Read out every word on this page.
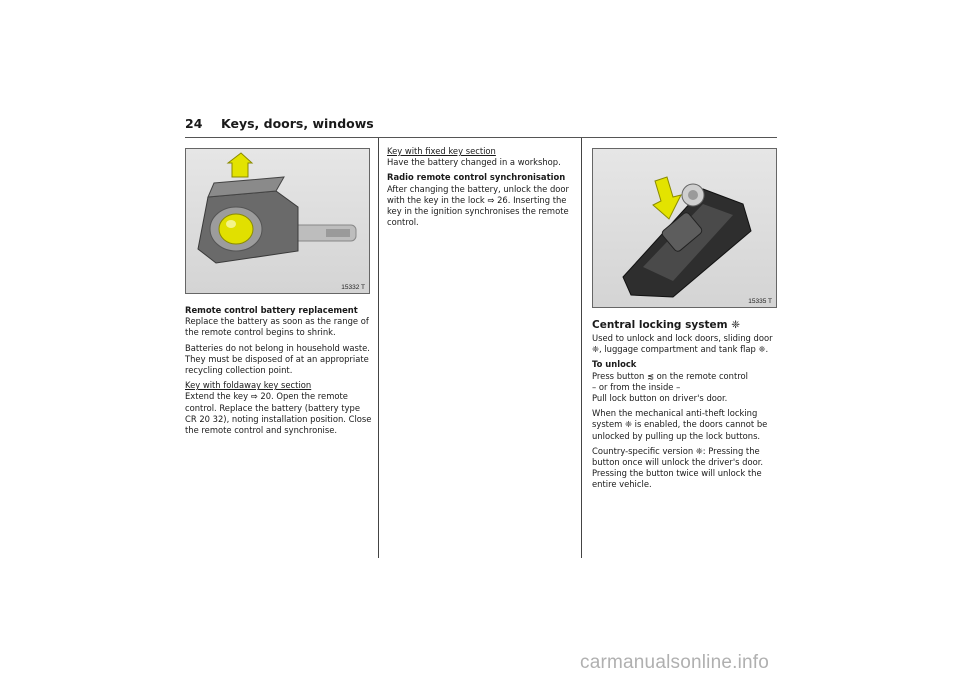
24 Keys, doors, windows
15332 T
15335 T

Remote control battery replacement
Replace the battery as soon as the range of the remote control begins to shrink.

Batteries do not belong in household waste. They must be disposed of at an appropriate recycling collection point.

Key with foldaway key section
Extend the key ⇨ 20. Open the remote control. Replace the battery (battery type CR 20 32), noting installation position. Close the remote control and synchronise.

Key with fixed key section
Have the battery changed in a workshop.

Radio remote control synchronisation
After changing the battery, unlock the door with the key in the lock ⇨ 26. Inserting the key in the ignition synchronises the remote control.

Central locking system ❈

Used to unlock and lock doors, sliding door ❈, luggage compartment and tank flap ❈.

To unlock
Press button ≲ on the remote control
– or from the inside –
Pull lock button on driver's door.

When the mechanical anti-theft locking system ❈ is enabled, the doors cannot be unlocked by pulling up the lock buttons.

Country-specific version ❈: Pressing the button once will unlock the driver's door. Pressing the button twice will unlock the entire vehicle.

carmanualsonline.info
